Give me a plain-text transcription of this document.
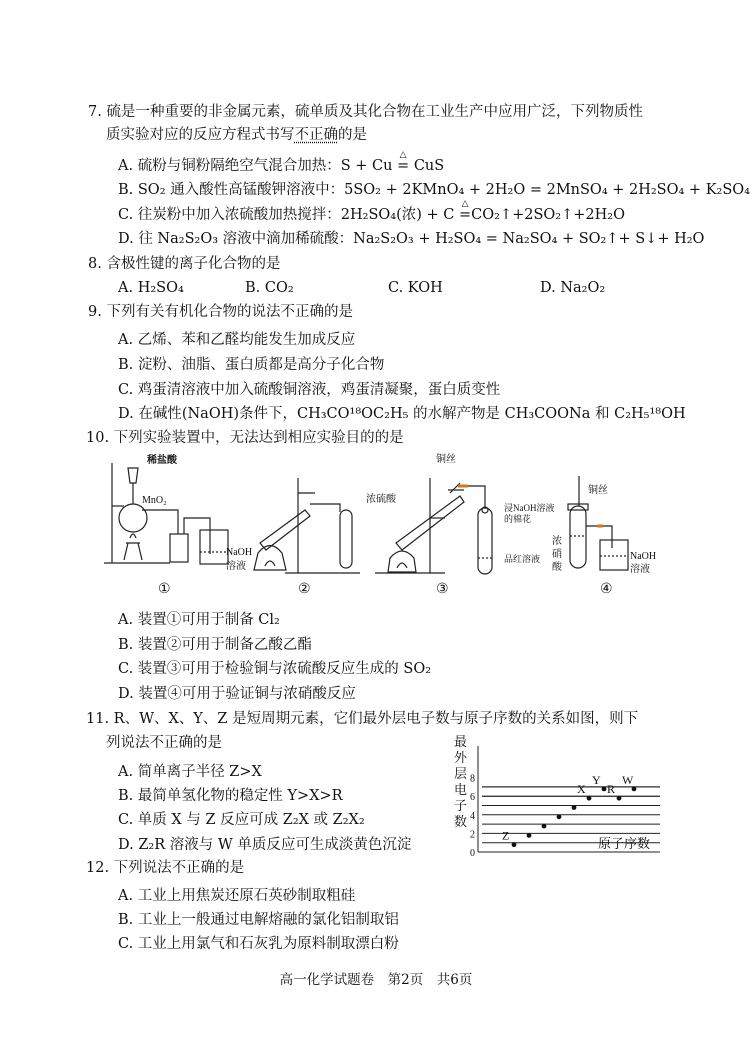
7. 硫是一种重要的非金属元素，硫单质及其化合物在工业生产中应用广泛，下列物质性
质实验对应的反应方程式书写不正确的是
A. 硫粉与铜粉隔绝空气混合加热：S + Cu △ = CuS
B. SO₂ 通入酸性高锰酸钾溶液中：5SO₂ + 2KMnO₄ + 2H₂O = 2MnSO₄ + 2H₂SO₄ + K₂SO₄
C. 往炭粉中加入浓硫酸加热搅拌：2H₂SO₄(浓) + C △ =CO₂↑+2SO₂↑+2H₂O
D. 往 Na₂S₂O₃ 溶液中滴加稀硫酸：Na₂S₂O₃ + H₂SO₄ = Na₂SO₄ + SO₂↑+ S↓+ H₂O
8. 含极性键的离子化合物的是
A. H₂SO₄	B. CO₂	C. KOH	D. Na₂O₂
9. 下列有关有机化合物的说法不正确的是
A. 乙烯、苯和乙醛均能发生加成反应
B. 淀粉、油脂、蛋白质都是高分子化合物
C. 鸡蛋清溶液中加入硫酸铜溶液，鸡蛋清凝聚，蛋白质变性
D. 在碱性(NaOH)条件下，CH₃CO¹⁸OC₂H₅ 的水解产物是 CH₃COONa 和 C₂H₅¹⁸OH
10. 下列实验装置中，无法达到相应实验目的的是
稀盐酸
MnO₂
NaOH
溶液
浓硫酸
铜丝
浸NaOH溶液
的棉花
品红溶液
铜丝
浓
硝
酸
NaOH
溶液
①	②	③	④
A. 装置①可用于制备 Cl₂
B. 装置②可用于制备乙酸乙酯
C. 装置③可用于检验铜与浓硫酸反应生成的 SO₂
D. 装置④可用于验证铜与浓硝酸反应
11. R、W、X、Y、Z 是短周期元素，它们最外层电子数与原子序数的关系如图，则下
列说法不正确的是
A. 简单离子半径 Z>X
B. 最简单氢化物的稳定性 Y>X>R
C. 单质 X 与 Z 反应可成 Z₂X 或 Z₂X₂
D. Z₂R 溶液与 W 单质反应可生成淡黄色沉淀
最
外
层
电
子
数
0
2
4
6
8
Z
X
Y
R
W
原子序数
12. 下列说法不正确的是
A. 工业上用焦炭还原石英砂制取粗硅
B. 工业上一般通过电解熔融的氯化铝制取铝
C. 工业上用氯气和石灰乳为原料制取漂白粉
高一化学试题卷　第2页　共6页
